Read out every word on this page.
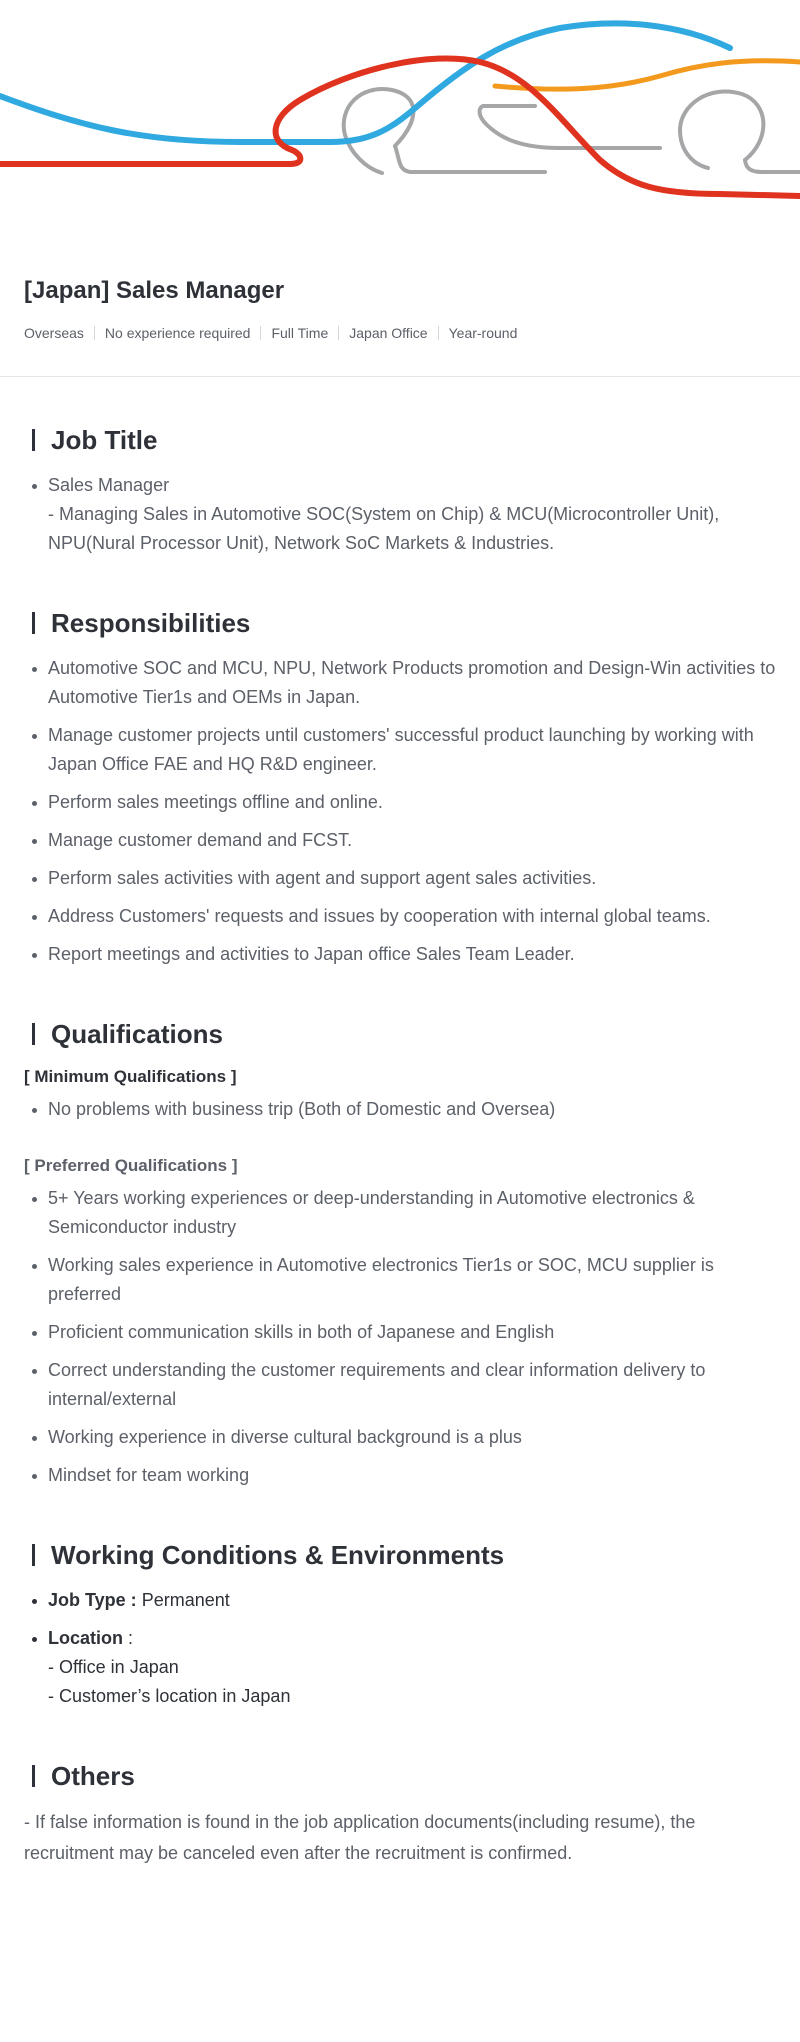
[Japan] Sales Manager
Overseas	No experience required	Full Time	Japan Office	Year-round
Job Title
Sales Manager
- Managing Sales in Automotive SOC(System on Chip) & MCU(Microcontroller Unit), NPU(Nural Processor Unit), Network SoC Markets & Industries.
Responsibilities
Automotive SOC and MCU, NPU, Network Products promotion and Design-Win activities to Automotive Tier1s and OEMs in Japan.
Manage customer projects until customers' successful product launching by working with Japan Office FAE and HQ R&D engineer.
Perform sales meetings offline and online.
Manage customer demand and FCST.
Perform sales activities with agent and support agent sales activities.
Address Customers' requests and issues by cooperation with internal global teams.
Report meetings and activities to Japan office Sales Team Leader.
Qualifications
[ Minimum Qualifications ]
No problems with business trip (Both of Domestic and Oversea)
[ Preferred Qualifications ]
5+ Years working experiences or deep-understanding in Automotive electronics & Semiconductor industry
Working sales experience in Automotive electronics Tier1s or SOC, MCU supplier is preferred
Proficient communication skills in both of Japanese and English
Correct understanding the customer requirements and clear information delivery to internal/external
Working experience in diverse cultural background is a plus
Mindset for team working
Working Conditions & Environments
Job Type : Permanent
Location :
- Office in Japan
- Customer’s location in Japan
Others
- If false information is found in the job application documents(including resume), the recruitment may be canceled even after the recruitment is confirmed.
